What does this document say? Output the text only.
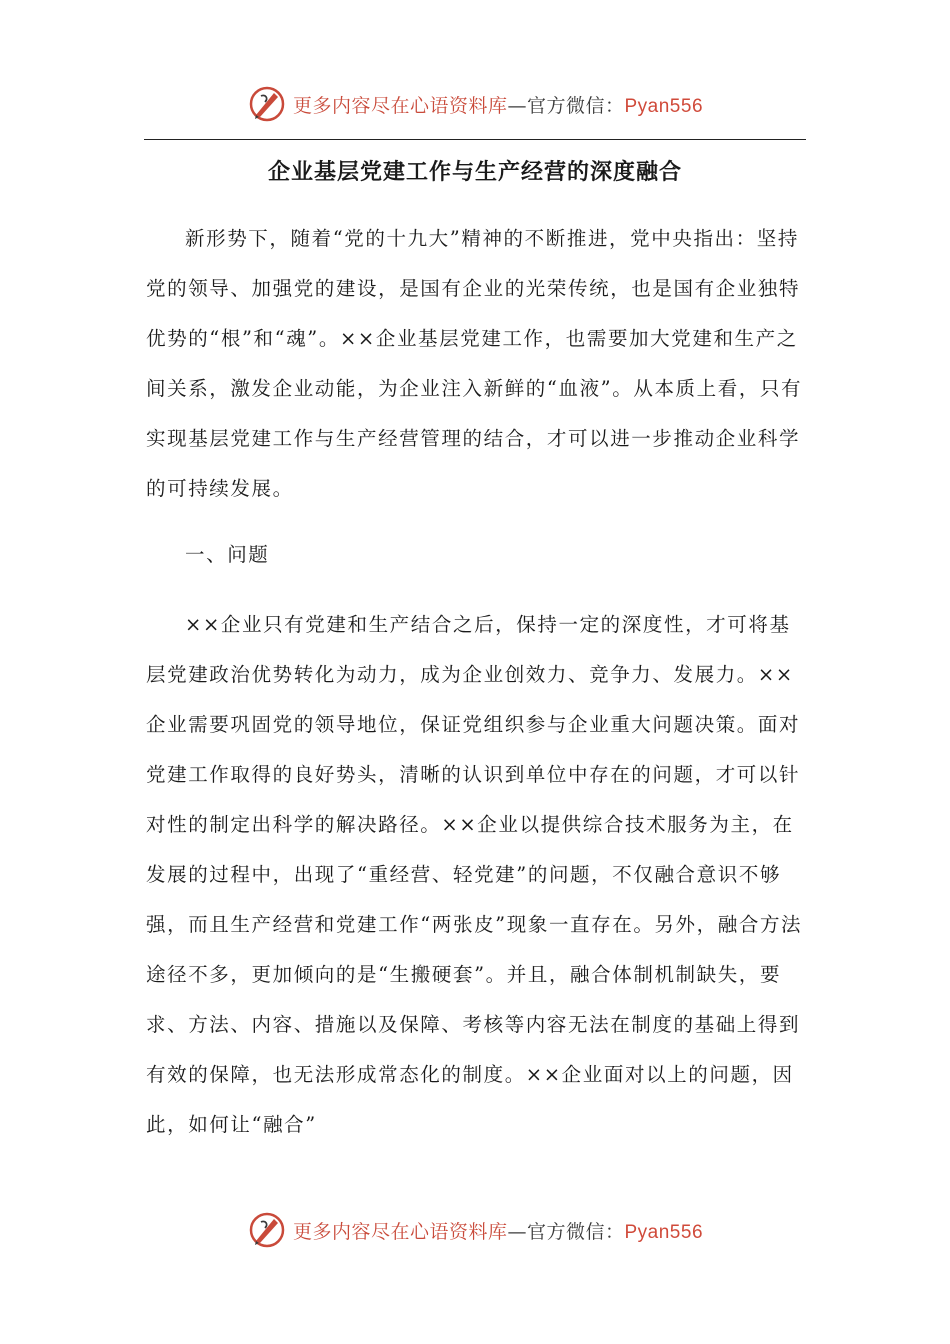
更多内容尽在心语资料库—官方微信：Pyan556
企业基层党建工作与生产经营的深度融合

新形势下，随着“党的十九大”精神的不断推进，党中央指出：坚持党的领导、加强党的建设，是国有企业的光荣传统，也是国有企业独特优势的“根”和“魂”。××企业基层党建工作，也需要加大党建和生产之间关系，激发企业动能，为企业注入新鲜的“血液”。从本质上看，只有实现基层党建工作与生产经营管理的结合，才可以进一步推动企业科学的可持续发展。

一、问题

××企业只有党建和生产结合之后，保持一定的深度性，才可将基层党建政治优势转化为动力，成为企业创效力、竞争力、发展力。××企业需要巩固党的领导地位，保证党组织参与企业重大问题决策。面对党建工作取得的良好势头，清晰的认识到单位中存在的问题，才可以针对性的制定出科学的解决路径。××企业以提供综合技术服务为主，在发展的过程中，出现了“重经营、轻党建”的问题，不仅融合意识不够强，而且生产经营和党建工作“两张皮”现象一直存在。另外，融合方法途径不多，更加倾向的是“生搬硬套”。并且，融合体制机制缺失，要求、方法、内容、措施以及保障、考核等内容无法在制度的基础上得到有效的保障，也无法形成常态化的制度。××企业面对以上的问题，因此，如何让“融合”

更多内容尽在心语资料库—官方微信：Pyan556
